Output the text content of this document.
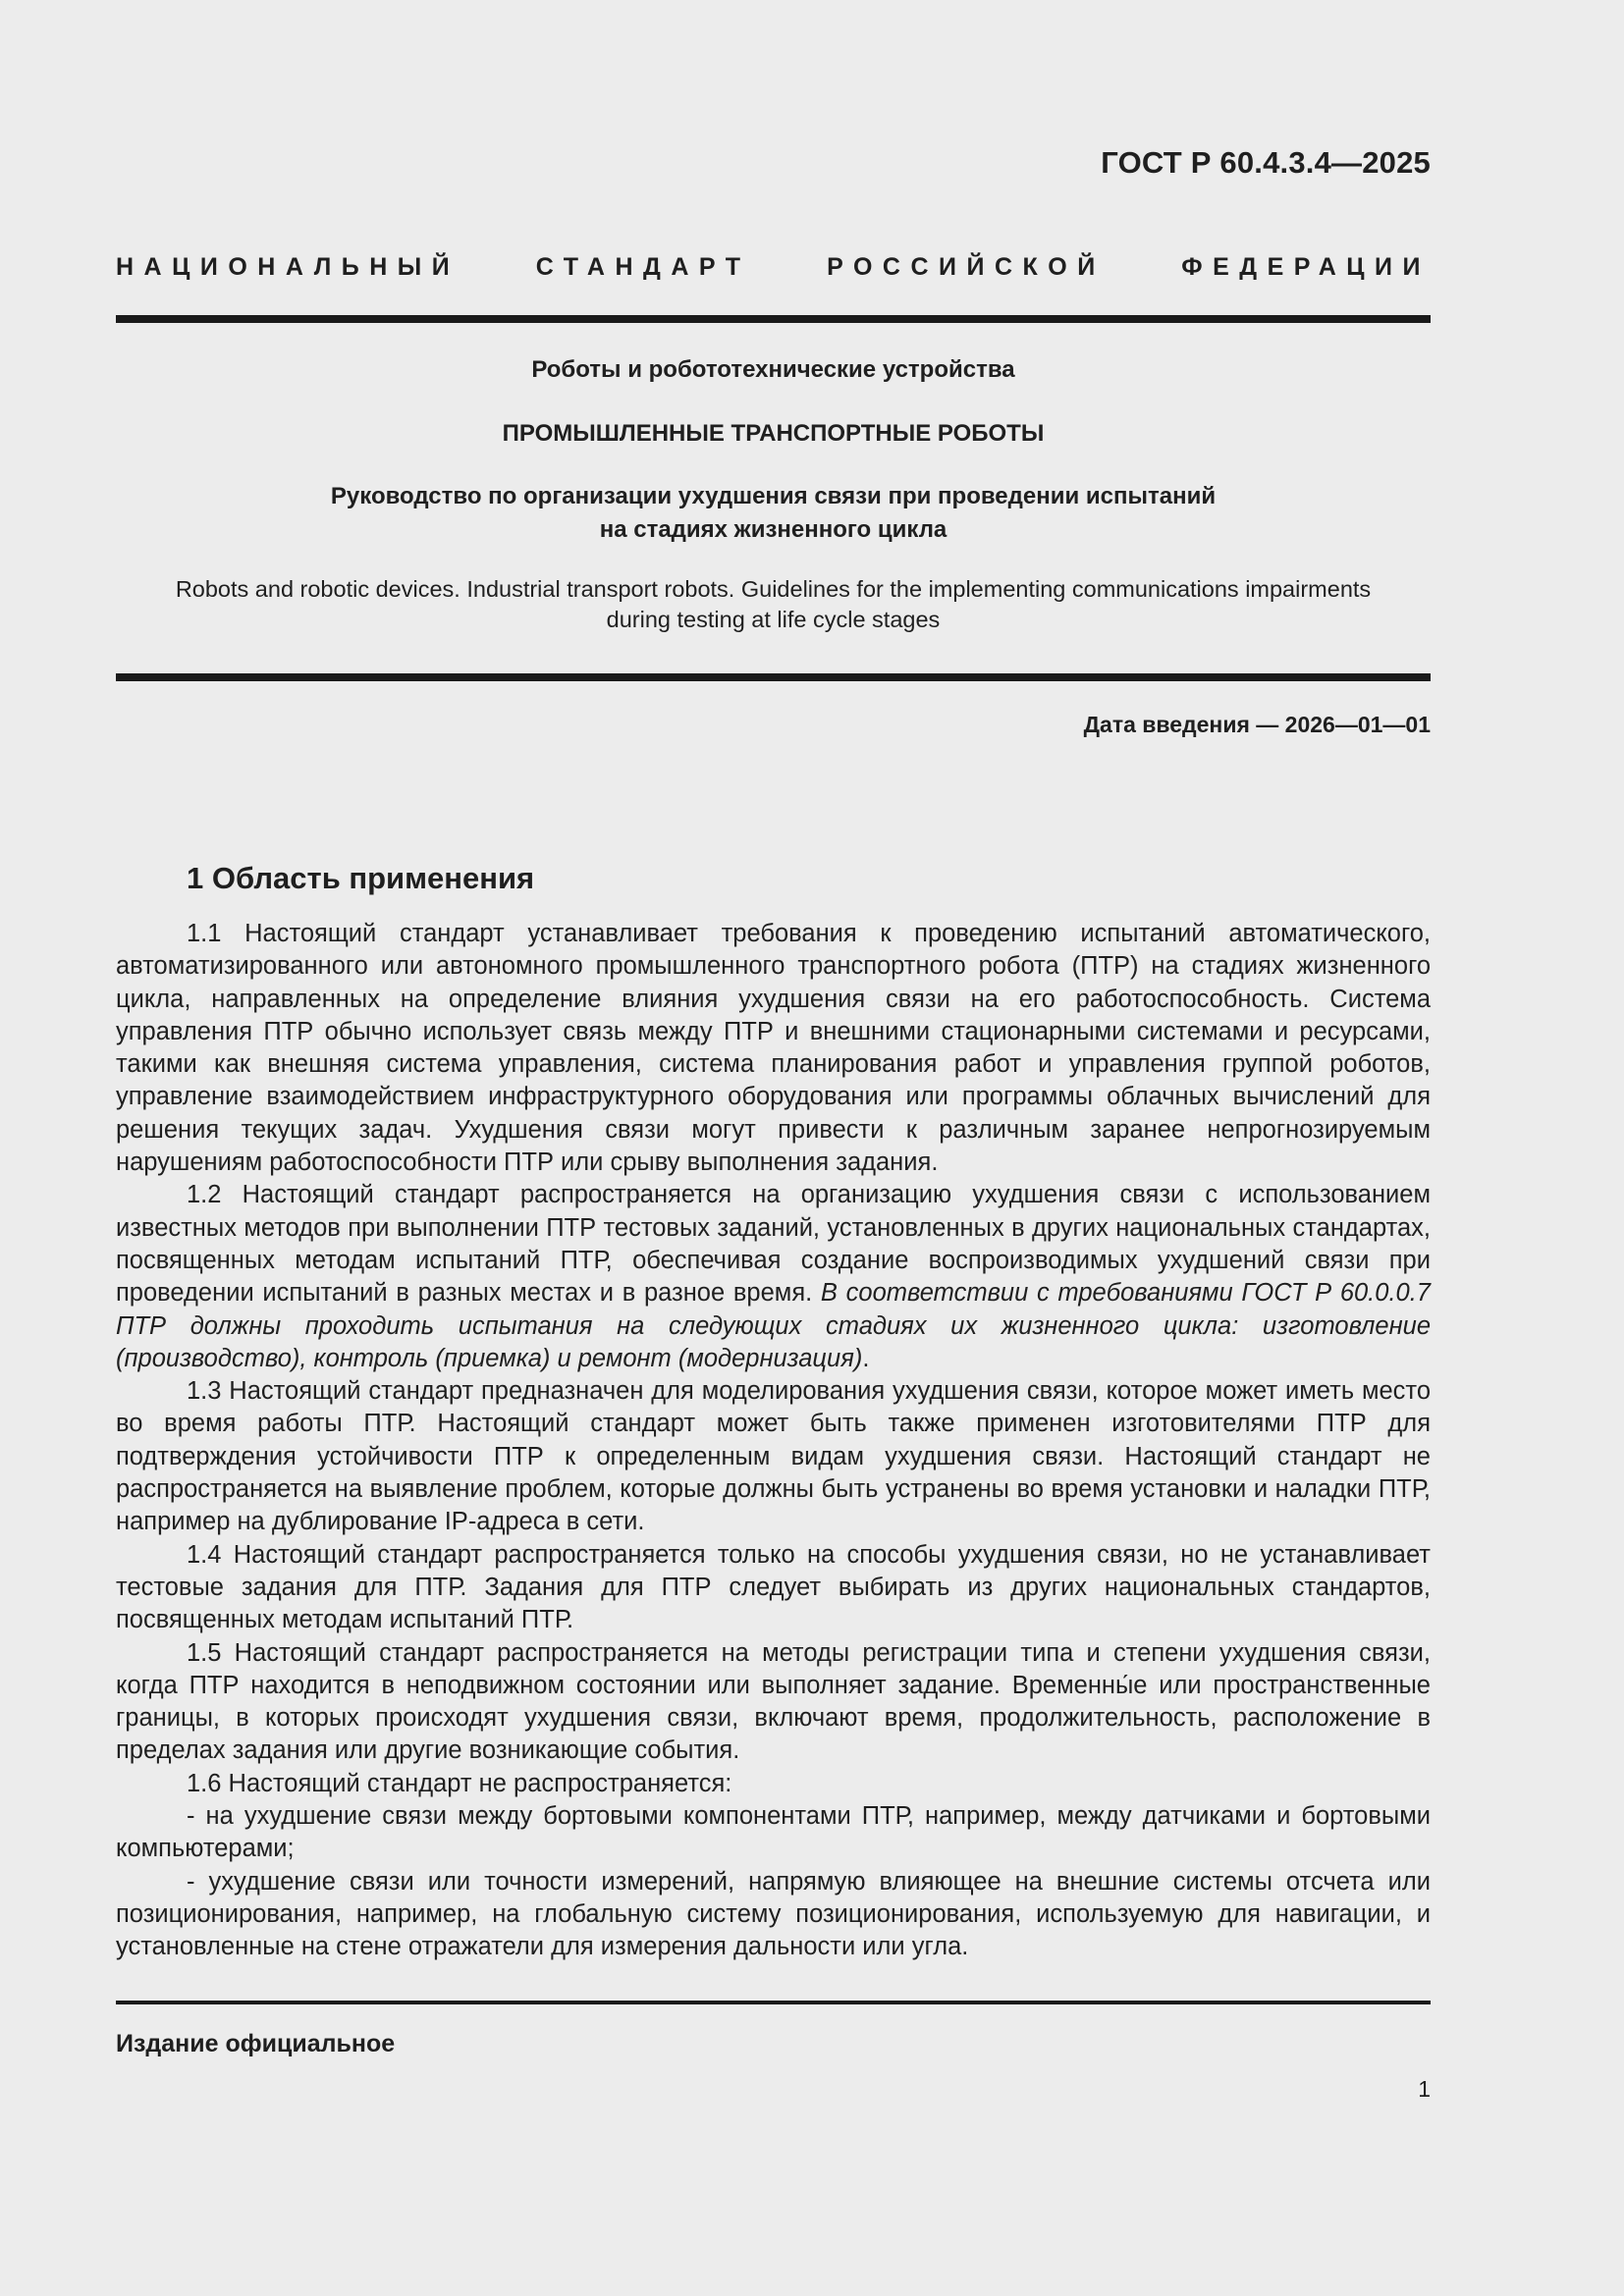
ГОСТ Р 60.4.3.4—2025
НАЦИОНАЛЬНЫЙ СТАНДАРТ РОССИЙСКОЙ ФЕДЕРАЦИИ
Роботы и робототехнические устройства
ПРОМЫШЛЕННЫЕ ТРАНСПОРТНЫЕ РОБОТЫ
Руководство по организации ухудшения связи при проведении испытаний
на стадиях жизненного цикла
Robots and robotic devices. Industrial transport robots. Guidelines for the implementing communications impairments
during testing at life cycle stages
Дата введения — 2026—01—01
1 Область применения

1.1 Настоящий стандарт устанавливает требования к проведению испытаний автоматического, автоматизированного или автономного промышленного транспортного робота (ПТР) на стадиях жизненного цикла, направленных на определение влияния ухудшения связи на его работоспособность. Система управления ПТР обычно использует связь между ПТР и внешними стационарными системами и ресурсами, такими как внешняя система управления, система планирования работ и управления группой роботов, управление взаимодействием инфраструктурного оборудования или программы облачных вычислений для решения текущих задач. Ухудшения связи могут привести к различным заранее непрогнозируемым нарушениям работоспособности ПТР или срыву выполнения задания.

1.2 Настоящий стандарт распространяется на организацию ухудшения связи с использованием известных методов при выполнении ПТР тестовых заданий, установленных в других национальных стандартах, посвященных методам испытаний ПТР, обеспечивая создание воспроизводимых ухудшений связи при проведении испытаний в разных местах и в разное время. В соответствии с требованиями ГОСТ Р 60.0.0.7 ПТР должны проходить испытания на следующих стадиях их жизненного цикла: изготовление (производство), контроль (приемка) и ремонт (модернизация).

1.3 Настоящий стандарт предназначен для моделирования ухудшения связи, которое может иметь место во время работы ПТР. Настоящий стандарт может быть также применен изготовителями ПТР для подтверждения устойчивости ПТР к определенным видам ухудшения связи. Настоящий стандарт не распространяется на выявление проблем, которые должны быть устранены во время установки и наладки ПТР, например на дублирование IP-адреса в сети.

1.4 Настоящий стандарт распространяется только на способы ухудшения связи, но не устанавливает тестовые задания для ПТР. Задания для ПТР следует выбирать из других национальных стандартов, посвященных методам испытаний ПТР.

1.5 Настоящий стандарт распространяется на методы регистрации типа и степени ухудшения связи, когда ПТР находится в неподвижном состоянии или выполняет задание. Временны́е или пространственные границы, в которых происходят ухудшения связи, включают время, продолжительность, расположение в пределах задания или другие возникающие события.

1.6 Настоящий стандарт не распространяется:

- на ухудшение связи между бортовыми компонентами ПТР, например, между датчиками и бортовыми компьютерами;

- ухудшение связи или точности измерений, напрямую влияющее на внешние системы отсчета или позиционирования, например, на глобальную систему позиционирования, используемую для навигации, и установленные на стене отражатели для измерения дальности или угла.

Издание официальное
1
